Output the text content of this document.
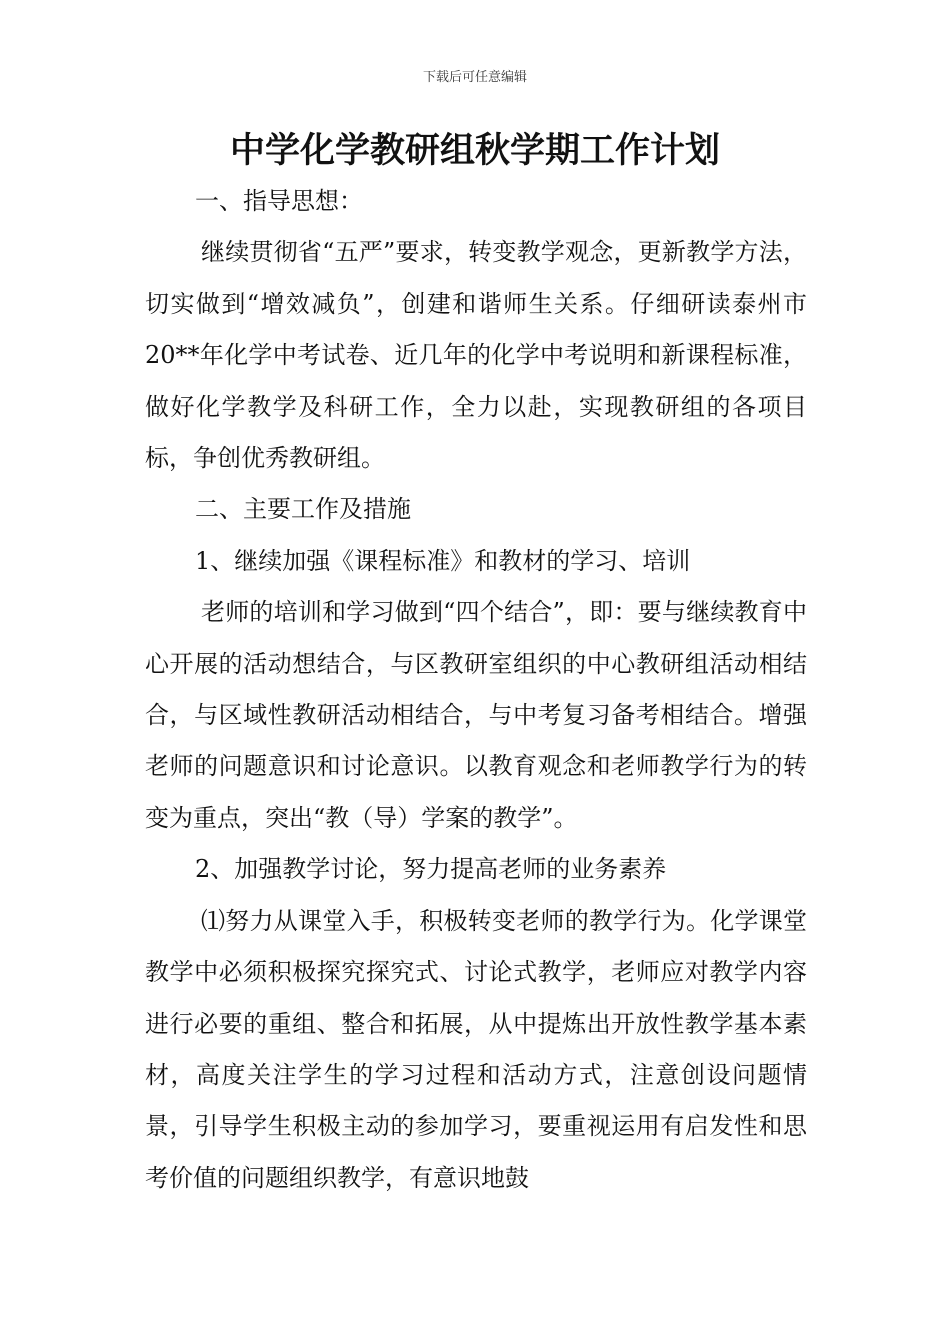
下载后可任意编辑
中学化学教研组秋学期工作计划

一、指导思想：

继续贯彻省“五严”要求，转变教学观念，更新教学方法，切实做到“增效减负”，创建和谐师生关系。仔细研读泰州市20**年化学中考试卷、近几年的化学中考说明和新课程标准，做好化学教学及科研工作，全力以赴，实现教研组的各项目标，争创优秀教研组。

二、主要工作及措施

1、继续加强《课程标准》和教材的学习、培训

老师的培训和学习做到“四个结合”，即：要与继续教育中心开展的活动想结合，与区教研室组织的中心教研组活动相结合，与区域性教研活动相结合，与中考复习备考相结合。增强老师的问题意识和讨论意识。以教育观念和老师教学行为的转变为重点，突出“教（导）学案的教学”。

2、加强教学讨论，努力提高老师的业务素养

⑴努力从课堂入手，积极转变老师的教学行为。化学课堂教学中必须积极探究探究式、讨论式教学，老师应对教学内容进行必要的重组、整合和拓展，从中提炼出开放性教学基本素材，高度关注学生的学习过程和活动方式，注意创设问题情景，引导学生积极主动的参加学习，要重视运用有启发性和思考价值的问题组织教学，有意识地鼓
